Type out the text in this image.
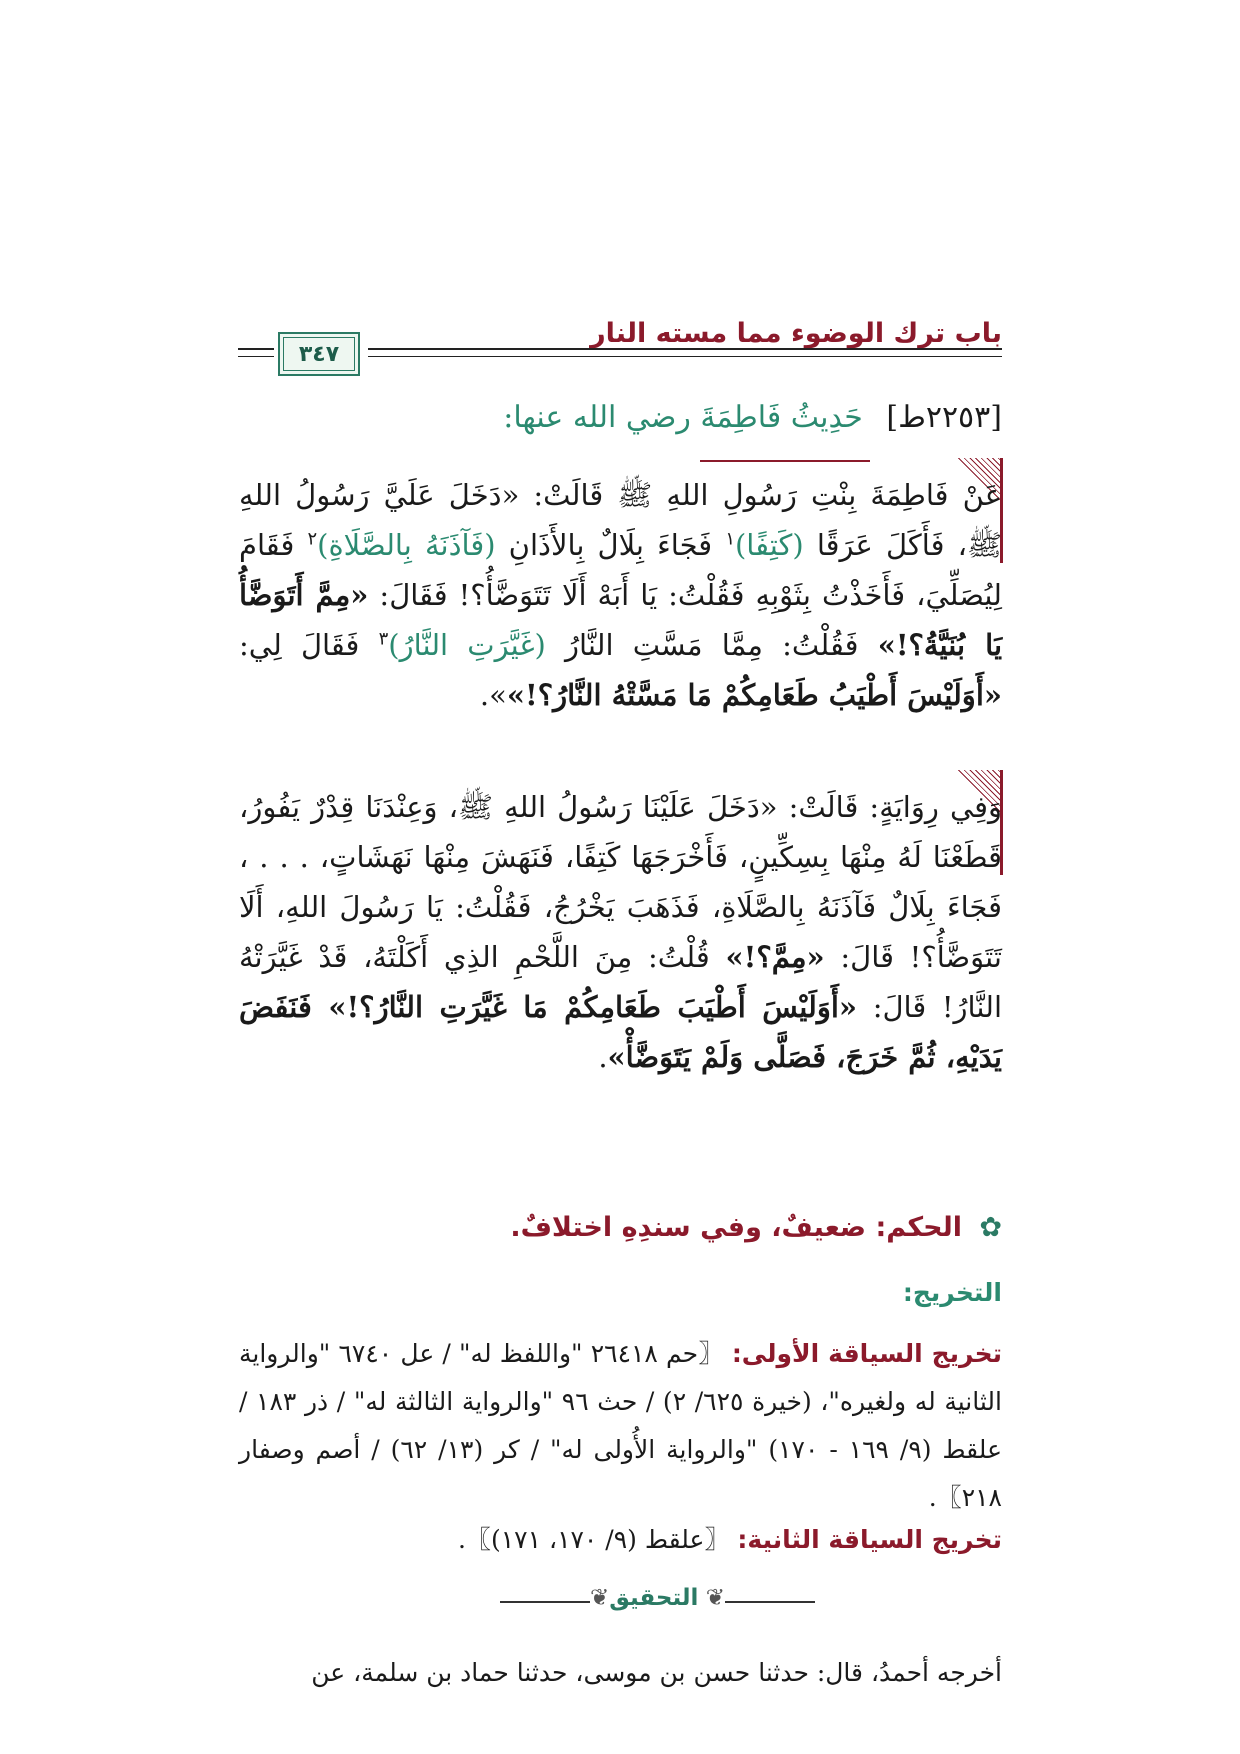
باب ترك الوضوء مما مسته النار
٣٤٧
[٢٢٥٣ط] حَدِيثُ فَاطِمَةَ رضي الله عنها:

عَنْ فَاطِمَةَ بِنْتِ رَسُولِ اللهِ ﷺ قَالَتْ: «دَخَلَ عَلَيَّ رَسُولُ اللهِ ﷺ، فَأَكَلَ عَرَقًا (كَتِفًا)$^١$ فَجَاءَ بِلَالٌ بِالأَذَانِ (فَآذَنَهُ بِالصَّلَاةِ)$^٢$ فَقَامَ لِيُصَلِّيَ، فَأَخَذْتُ بِثَوْبِهِ فَقُلْتُ: يَا أَبَهْ أَلَا تَتَوَضَّأُ؟! فَقَالَ: «مِمَّ أَتَوَضَّأُ يَا بُنَيَّةُ؟!» فَقُلْتُ: مِمَّا مَسَّتِ النَّارُ (غَيَّرَتِ النَّارُ)$^٣$ فَقَالَ لِي: «أَوَلَيْسَ أَطْيَبُ طَعَامِكُمْ مَا مَسَّتْهُ النَّارُ؟!»».

وَفِي رِوَايَةٍ: قَالَتْ: «دَخَلَ عَلَيْنَا رَسُولُ اللهِ ﷺ، وَعِنْدَنَا قِدْرٌ يَفُورُ، قَطَعْنَا لَهُ مِنْهَا بِسِكِّينٍ، فَأَخْرَجَهَا كَتِفًا، فَنَهَشَ مِنْهَا نَهَشَاتٍ، . . . ، فَجَاءَ بِلَالٌ فَآذَنَهُ بِالصَّلَاةِ، فَذَهَبَ يَخْرُجُ، فَقُلْتُ: يَا رَسُولَ اللهِ، أَلَا تَتَوَضَّأُ؟! قَالَ: «مِمَّ؟!» قُلْتُ: مِنَ اللَّحْمِ الذِي أَكَلْتَهُ، قَدْ غَيَّرَتْهُ النَّارُ! قَالَ: «أَوَلَيْسَ أَطْيَبَ طَعَامِكُمْ مَا غَيَّرَتِ النَّارُ؟!» فَنَفَضَ يَدَيْهِ، ثُمَّ خَرَجَ، فَصَلَّى وَلَمْ يَتَوَضَّأْ».

✿ الحكم: ضعيفٌ، وفي سندِهِ اختلافٌ.
التخريج:
تخريج السياقة الأولى: 〖حم ٢٦٤١٨ "واللفظ له" / عل ٦٧٤٠ "والرواية الثانية له ولغيره"، (خيرة ٦٢٥/ ٢) / حث ٩٦ "والرواية الثالثة له" / ذر ١٨٣ / علقط (٩/ ١٦٩ - ١٧٠) "والرواية الأُولى له" / كر (١٣/ ٦٢) / أصم وصفار ٢١٨〗.
تخريج السياقة الثانية: 〖علقط (٩/ ١٧٠، ١٧١)〗.
❦ التحقيق ❦
أخرجه أحمدُ، قال: حدثنا حسن بن موسى، حدثنا حماد بن سلمة، عن
